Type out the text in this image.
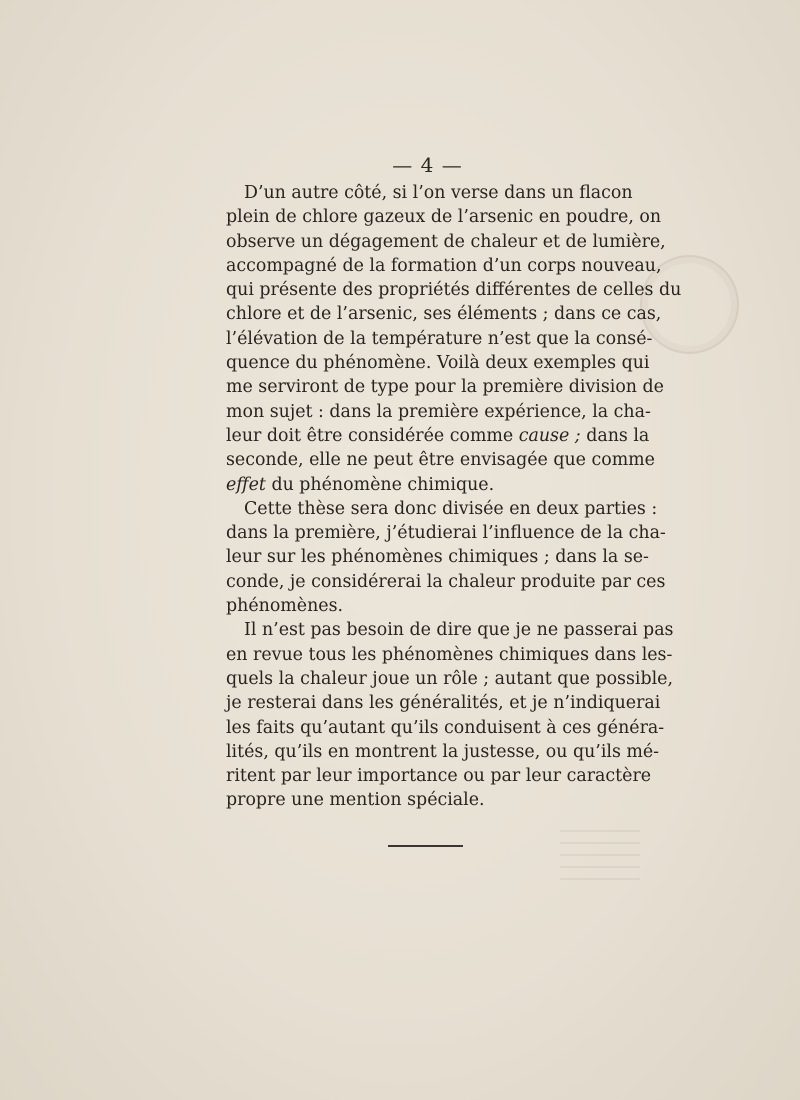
— 4 —

D’un autre côté, si l’on verse dans un flacon
plein de chlore gazeux de l’arsenic en poudre, on
observe un dégagement de chaleur et de lumière,
accompagné de la formation d’un corps nouveau,
qui présente des propriétés différentes de celles du
chlore et de l’arsenic, ses éléments ; dans ce cas,
l’élévation de la température n’est que la consé-
quence du phénomène. Voilà deux exemples qui
me serviront de type pour la première division de
mon sujet : dans la première expérience, la cha-
leur doit être considérée comme cause ; dans la
seconde, elle ne peut être envisagée que comme
effet du phénomène chimique.

Cette thèse sera donc divisée en deux parties :
dans la première, j’étudierai l’influence de la cha-
leur sur les phénomènes chimiques ; dans la se-
conde, je considérerai la chaleur produite par ces
phénomènes.

Il n’est pas besoin de dire que je ne passerai pas
en revue tous les phénomènes chimiques dans les-
quels la chaleur joue un rôle ; autant que possible,
je resterai dans les généralités, et je n’indiquerai
les faits qu’autant qu’ils conduisent à ces généra-
lités, qu’ils en montrent la justesse, ou qu’ils mé-
ritent par leur importance ou par leur caractère
propre une mention spéciale.
